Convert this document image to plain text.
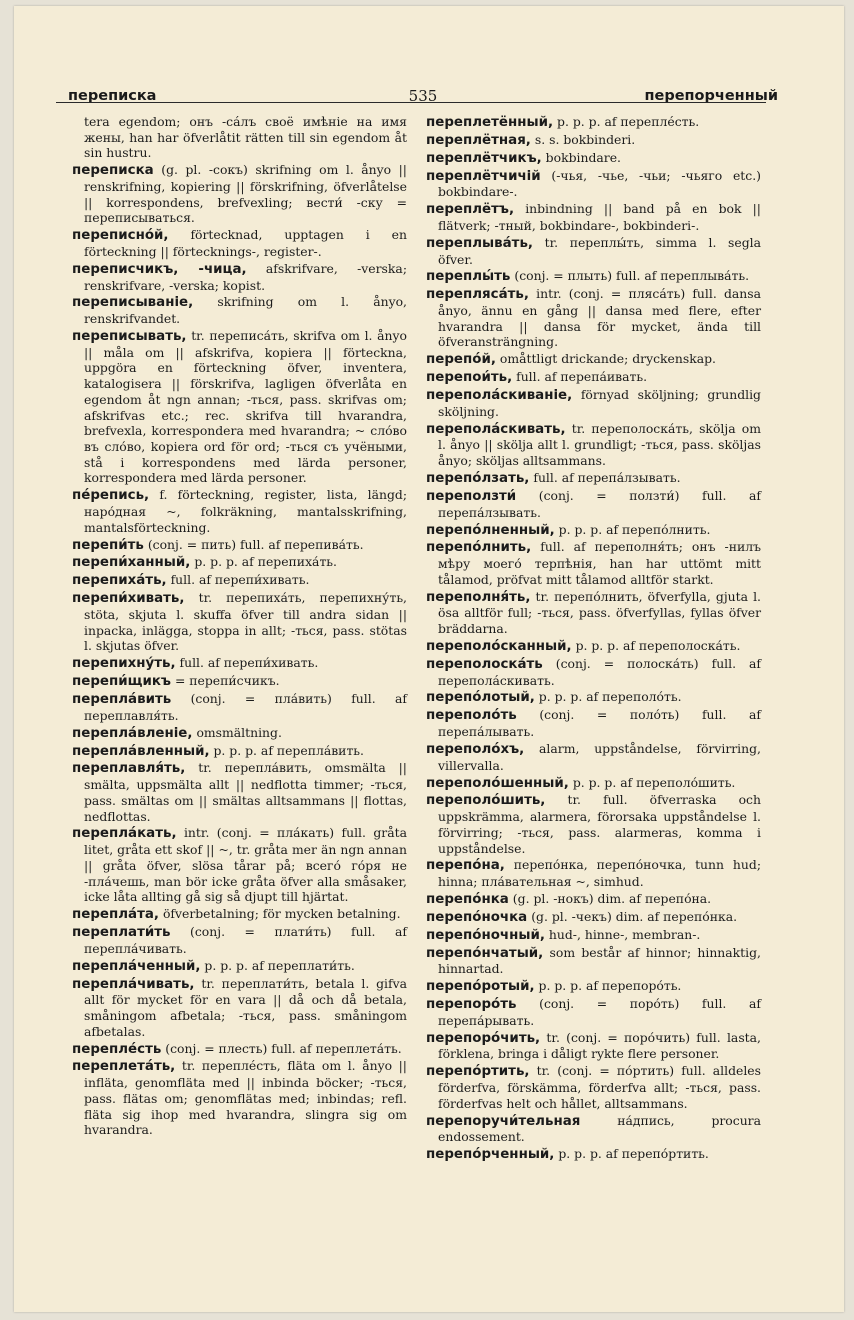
переписка	535	перепорченный
tera egendom; онъ -сáлъ своё имѣніе на имя жены, han har öfverlåtit rätten till sin egendom åt sin hustru.
переписка (g. pl. -сокъ) skrifning om l. ånyo || renskrifning, kopiering || förskrifning, öfverlåtelse || korrespondens, brefvexling; вести́ -ску = переписываться.
переписнóй, förtecknad, upptagen i en förteckning || förtecknings-, register-.
переписчикъ, -чица, afskrifvare, -verska; renskrifvare, -verska; kopist.
переписываніе, skrifning om l. ånyo, renskrifvandet.
переписывать, tr. переписа́ть, skrifva om l. ånyo || måla om || afskrifva, kopiera || förteckna, uppgöra en förteckning öfver, inventera, katalogisera || förskrifva, lagligen öfverlåta en egendom åt ngn annan; -ться, pass. skrifvas om; afskrifvas etc.; rec. skrifva till hvarandra, brefvexla, korrespondera med hvarandra; ~ сло́во въ сло́во, kopiera ord för ord; -ться съ учёными, stå i korrespondens med lärda personer, korrespondera med lärda personer.
пéрепись, f. förteckning, register, lista, längd; наро́дная ~, folkräkning, mantalsskrifning, mantalsförteckning.
перепи́ть (conj. = пить) full. af перепива́ть.
перепи́ханный, p. p. p. af перепиха́ть.
перепихáть, full. af перепи́хивать.
перепи́хивать, tr. перепиха́ть, перепихну́ть, stöta, skjuta l. skuffa öfver till andra sidan || inpacka, inlägga, stoppa in allt; -ться, pass. stötas l. skjutas öfver.
перепихнýть, full. af перепи́хивать.
перепи́щикъ = перепи́счикъ.
перепла́вить (conj. = пла́вить) full. af переплавля́ть.
перепла́вленіе, omsmältning.
перепла́вленный, p. p. p. af перепла́вить.
переплавля́ть, tr. перепла́вить, omsmälta || smälta, uppsmälta allt || nedflotta timmer; -ться, pass. smältas om || smältas alltsammans || flottas, nedflottas.
перепла́кать, intr. (conj. = пла́кать) full. gråta litet, gråta ett skof || ~, tr. gråta mer än ngn annan || gråta öfver, slösa tårar på; всего́ го́ря не -пла́чешь, man bör icke gråta öfver alla småsaker, icke låta allting gå sig så djupt till hjärtat.
перепла́та, öfverbetalning; för mycken betalning.
переплати́ть (conj. = плати́ть) full. af перепла́чивать.
перепла́ченный, p. p. p. af переплати́ть.
перепла́чивать, tr. переплати́ть, betala l. gifva allt för mycket för en vara || då och då betala, småningom afbetala; -ться, pass. småningom afbetalas.
переплéсть (conj. = плесть) full. af переплета́ть.
переплетáть, tr. переплéсть, fläta om l. ånyo || infläta, genomfläta med || inbinda böcker; -ться, pass. flätas om; genomflätas med; inbindas; refl. fläta sig ihop med hvarandra, slingra sig om hvarandra.
переплетённый, p. p. p. af переплéсть.
переплётная, s. s. bokbinderi.
переплётчикъ, bokbindare.
переплётчичій (-чья, -чье, -чьи; -чьяго etc.) bokbindare-.
переплётъ, inbindning || band på en bok || flätverk; -тный, bokbindare-, bokbinderi-.
переплывáть, tr. переплы́ть, simma l. segla öfver.
переплы́ть (conj. = плыть) full. af переплыва́ть.
переплясáть, intr. (conj. = плясáть) full. dansa ånyo, ännu en gång || dansa med flere, efter hvarandra || dansa för mycket, ända till öfveransträngning.
перепóй, omåttligt drickande; dryckenskap.
перепои́ть, full. af перепа́ивать.
переполáскиваніе, förnyad sköljning; grundlig sköljning.
переполáскивать, tr. переполоска́ть, skölja om l. ånyo || skölja allt l. grundligt; -ться, pass. sköljas ånyo; sköljas alltsammans.
перепóлзать, full. af перепа́лзывать.
переползти́ (conj. = ползти́) full. af перепа́лзывать.
перепóлненный, p. p. p. af перепо́лнить.
перепóлнить, full. af переполня́ть; онъ -нилъ мѣру моего́ терпѣнія, han har uttömt mitt tålamod, pröfvat mitt tålamod alltför starkt.
переполня́ть, tr. перепо́лнить, öfverfylla, gjuta l. ösa alltför full; -ться, pass. öfverfyllas, fyllas öfver bräddarna.
переполóсканный, p. p. p. af переполоска́ть.
переполоскáть (conj. = полоска́ть) full. af переполáскивать.
перепóлотый, p. p. p. af переполо́ть.
переполóть (conj. = поло́ть) full. af перепа́лывать.
переполóхъ, alarm, uppståndelse, förvirring, villervalla.
переполóшенный, p. p. p. af переполо́шить.
переполóшить, tr. full. öfverraska och uppskrämma, alarmera, förorsaka uppståndelse l. förvirring; -ться, pass. alarmeras, komma i uppståndelse.
перепóна, перепо́нка, перепо́ночка, tunn hud; hinna; пла́вательная ~, simhud.
перепóнка (g. pl. -нокъ) dim. af перепо́на.
перепóночка (g. pl. -чекъ) dim. af перепо́нка.
перепóночный, hud-, hinne-, membran-.
перепóнчатый, som består af hinnor; hinnaktig, hinnartad.
перепóротый, p. p. p. af перепоро́ть.
перепорóть (conj. = поро́ть) full. af перепа́рывать.
перепорóчить, tr. (conj. = поро́чить) full. lasta, förklena, bringa i dåligt rykte flere personer.
перепóртить, tr. (conj. = по́ртить) full. alldeles förderfva, förskämma, förderfva allt; -ться, pass. förderfvas helt och hållet, alltsammans.
перепоручи́тельная	на́дпись, procura endossement.
перепóрченный, p. p. p. af перепо́ртить.
